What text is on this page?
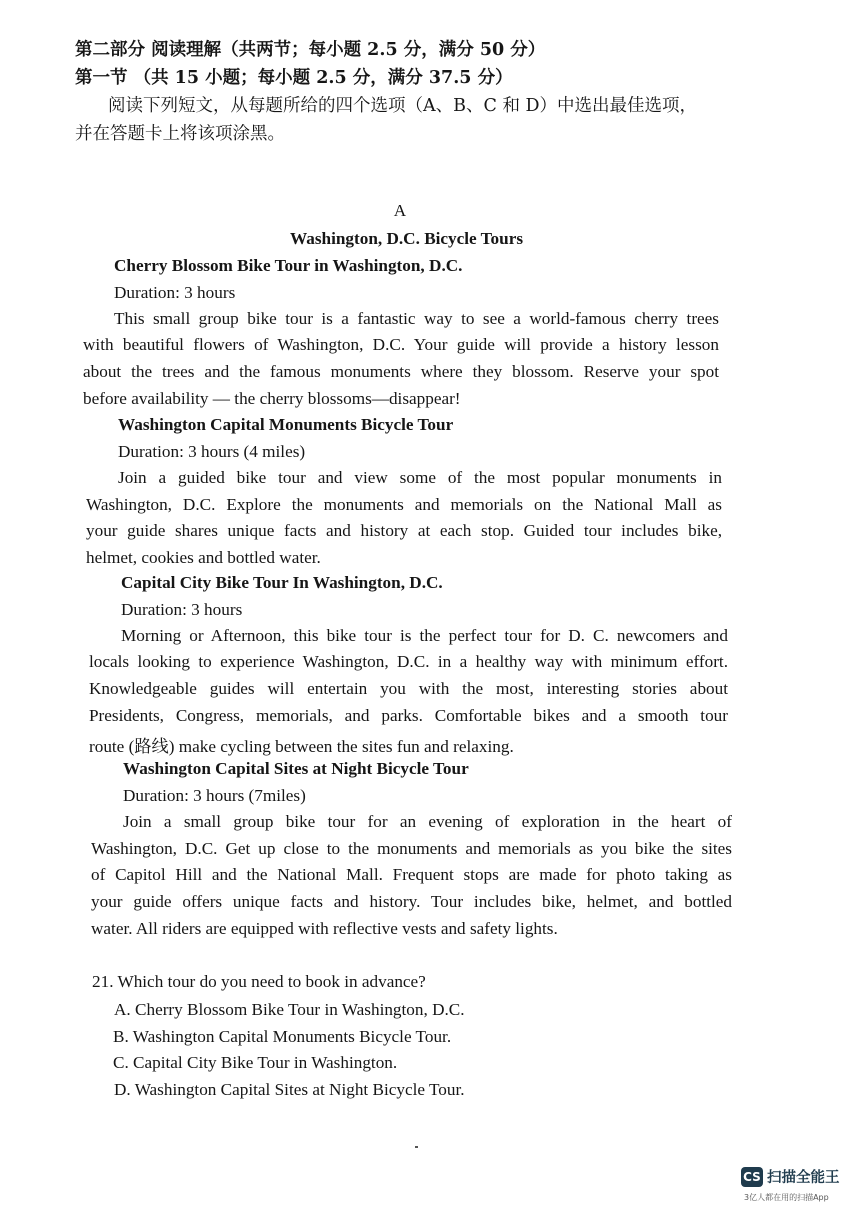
第二部分 阅读理解（共两节；每小题 2.5 分，满分 50 分）
第一节 （共 15 小题；每小题 2.5 分，满分 37.5 分）
阅读下列短文，从每题所给的四个选项（A、B、C 和 D）中选出最佳选项，
并在答题卡上将该项涂黑。
A
Washington, D.C. Bicycle Tours
Cherry Blossom Bike Tour in Washington, D.C.
Duration: 3 hours
This small group bike tour is a fantastic way to see a world-famous cherry trees
with beautiful flowers of Washington, D.C. Your guide will provide a history lesson
about the trees and the famous monuments where they blossom. Reserve your spot
before availability — the cherry blossoms—disappear!
Washington Capital Monuments Bicycle Tour
Duration: 3 hours (4 miles)
Join a guided bike tour and view some of the most popular monuments in
Washington, D.C. Explore the monuments and memorials on the National Mall as
your guide shares unique facts and history at each stop. Guided tour includes bike,
helmet, cookies and bottled water.
Capital City Bike Tour In Washington, D.C.
Duration: 3 hours
Morning or Afternoon, this bike tour is the perfect tour for D. C. newcomers and
locals looking to experience Washington, D.C. in a healthy way with minimum effort.
Knowledgeable guides will entertain you with the most, interesting stories about
Presidents, Congress, memorials, and parks. Comfortable bikes and a smooth tour
route (路线) make cycling between the sites fun and relaxing.
Washington Capital Sites at Night Bicycle Tour
Duration: 3 hours (7miles)
Join a small group bike tour for an evening of exploration in the heart of
Washington, D.C. Get up close to the monuments and memorials as you bike the sites
of Capitol Hill and the National Mall. Frequent stops are made for photo taking as
your guide offers unique facts and history. Tour includes bike, helmet, and bottled
water. All riders are equipped with reflective vests and safety lights.
21. Which tour do you need to book in advance?
A. Cherry Blossom Bike Tour in Washington, D.C.
B. Washington Capital Monuments Bicycle Tour.
C. Capital City Bike Tour in Washington.
D. Washington Capital Sites at Night Bicycle Tour.
CS 扫描全能王
3亿人都在用的扫描App
